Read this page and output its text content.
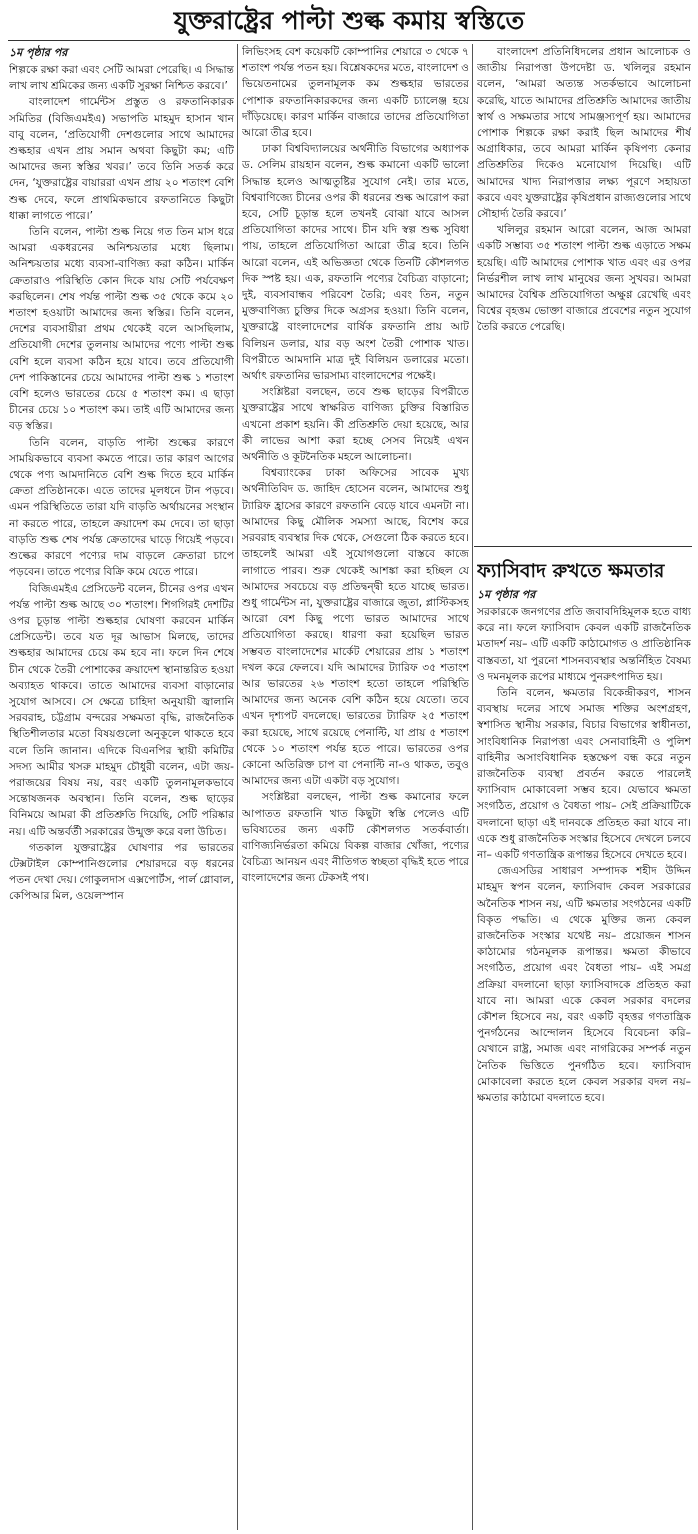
যুক্তরাষ্ট্রের পাল্টা শুল্ক কমায় স্বস্তিতে
১ম পৃষ্ঠার পর

শিল্পকে রক্ষা করা এবং সেটি আমরা পেরেছি। এ সিদ্ধান্ত লাখ লাখ শ্রমিকের জন্য একটি সুরক্ষা নিশ্চিত করবে।’

বাংলাদেশ গার্মেন্টস প্রস্তুত ও রফতানিকারক সমিতির (বিজিএমইএ) সভাপতি মাহমুদ হাসান খান বাবু বলেন, ‘প্রতিযোগী দেশগুলোর সাথে আমাদের শুল্কহার এখন প্রায় সমান অথবা কিছুটা কম; এটি আমাদের জন্য স্বস্তির খবর।’ তবে তিনি সতর্ক করে দেন, ‘যুক্তরাষ্ট্রের বায়াররা এখন প্রায় ২০ শতাংশ বেশি শুল্ক দেবে, ফলে প্রাথমিকভাবে রফতানিতে কিছুটা ধাক্কা লাগতে পারে।’

তিনি বলেন, পাল্টা শুল্ক নিয়ে গত তিন মাস ধরে আমরা একধরনের অনিশ্চয়তার মধ্যে ছিলাম। অনিশ্চয়তার মধ্যে ব্যবসা-বাণিজ্য করা কঠিন। মার্কিন ক্রেতারাও পরিস্থিতি কোন দিকে যায় সেটি পর্যবেক্ষণ করছিলেন। শেষ পর্যন্ত পাল্টা শুল্ক ৩৫ থেকে কমে ২০ শতাংশ হওয়াটা আমাদের জন্য স্বস্তির। তিনি বলেন, দেশের ব্যবসায়ীরা প্রথম থেকেই বলে আসছিলাম, প্রতিযোগী দেশের তুলনায় আমাদের পণ্যে পাল্টা শুল্ক বেশি হলে ব্যবসা কঠিন হয়ে যাবে। তবে প্রতিযোগী দেশ পাকিস্তানের চেয়ে আমাদের পাল্টা শুল্ক ১ শতাংশ বেশি হলেও ভারতের চেয়ে ৫ শতাংশ কম। এ ছাড়া চীনের চেয়ে ১০ শতাংশ কম। তাই এটি আমাদের জন্য বড় স্বস্তির।

তিনি বলেন, বাড়তি পাল্টা শুল্কের কারণে সাময়িকভাবে ব্যবসা কমতে পারে। তার কারণ আগের থেকে পণ্য আমদানিতে বেশি শুল্ক দিতে হবে মার্কিন ক্রেতা প্রতিষ্ঠানকে। এতে তাদের মূলধনে টান পড়বে। এমন পরিস্থিতিতে তারা যদি বাড়তি অর্থায়নের সংস্থান না করতে পারে, তাহলে ক্রয়াদেশ কম দেবে। তা ছাড়া বাড়তি শুল্ক শেষ পর্যন্ত ক্রেতাদের ঘাড়ে গিয়েই পড়বে। শুল্কের কারণে পণ্যের দাম বাড়লে ক্রেতারা চাপে পড়বেন। তাতে পণ্যের বিক্রি কমে যেতে পারে।

বিজিএমইএ প্রেসিডেন্ট বলেন, চীনের ওপর এখন পর্যন্ত পাল্টা শুল্ক আছে ৩০ শতাংশ। শিগগিরই দেশটির ওপর চূড়ান্ত পাল্টা শুল্কহার ঘোষণা করবেন মার্কিন প্রেসিডেন্ট। তবে যত দূর আভাস মিলছে, তাদের শুল্কহার আমাদের চেয়ে কম হবে না। ফলে দিন শেষে চীন থেকে তৈরী পোশাকের ক্রয়াদেশ স্থানান্তরিত হওয়া অব্যাহত থাকবে। তাতে আমাদের ব্যবসা বাড়ানোর সুযোগ আসবে। সে ক্ষেত্রে চাহিদা অনুযায়ী জ্বালানি সরবরাহ, চট্টগ্রাম বন্দরের সক্ষমতা বৃদ্ধি, রাজনৈতিক স্থিতিশীলতার মতো বিষয়গুলো অনুকূলে থাকতে হবে বলে তিনি জানান। এদিকে বিএনপির স্থায়ী কমিটির সদস্য আমীর খসরু মাহমুদ চৌধুরী বলেন, এটা জয়-পরাজয়ের বিষয় নয়, বরং একটি তুলনামূলকভাবে সন্তোষজনক অবস্থান। তিনি বলেন, শুল্ক ছাড়ের বিনিময়ে আমরা কী প্রতিশ্রুতি দিয়েছি, সেটি পরিষ্কার নয়। এটি অন্তর্বর্তী সরকারের উন্মুক্ত করে বলা উচিত।

গতকাল যুক্তরাষ্ট্রের ঘোষণার পর ভারতের টেক্সটাইল কোম্পানিগুলোর শেয়ারদরে বড় ধরনের পতন দেখা দেয়। গোকুলদাস এক্সপোর্টস, পার্ল গ্লোবাল, কেপিআর মিল, ওয়েলস্পান

লিভিংসহ বেশ কয়েকটি কোম্পানির শেয়ারে ৩ থেকে ৭ শতাংশ পর্যন্ত পতন হয়। বিশ্লেষকদের মতে, বাংলাদেশ ও ভিয়েতনামের তুলনামূলক কম শুল্কহার ভারতের পোশাক রফতানিকারকদের জন্য একটি চ্যালেঞ্জ হয়ে দাঁড়িয়েছে। কারণ মার্কিন বাজারে তাদের প্রতিযোগিতা আরো তীব্র হবে।

ঢাকা বিশ্ববিদ্যালয়ের অর্থনীতি বিভাগের অধ্যাপক ড. সেলিম রায়হান বলেন, শুল্ক কমানো একটি ভালো সিদ্ধান্ত হলেও আত্মতুষ্টির সুযোগ নেই। তার মতে, বিশ্ববাণিজ্যে চীনের ওপর কী ধরনের শুল্ক আরোপ করা হবে, সেটি চূড়ান্ত হলে তখনই বোঝা যাবে আসল প্রতিযোগিতা কাদের সাথে। চীন যদি স্বল্প শুল্ক সুবিধা পায়, তাহলে প্রতিযোগিতা আরো তীব্র হবে। তিনি আরো বলেন, এই অভিজ্ঞতা থেকে তিনটি কৌশলগত দিক স্পষ্ট হয়। এক, রফতানি পণ্যের বৈচিত্র্য বাড়ানো; দুই, ব্যবসাবান্ধব পরিবেশ তৈরি; এবং তিন, নতুন মুক্তবাণিজ্য চুক্তির দিকে অগ্রসর হওয়া। তিনি বলেন, যুক্তরাষ্ট্রে বাংলাদেশের বার্ষিক রফতানি প্রায় আট বিলিয়ন ডলার, যার বড় অংশ তৈরী পোশাক খাত। বিপরীতে আমদানি মাত্র দুই বিলিয়ন ডলারের মতো। অর্থাৎ রফতানির ভারসাম্য বাংলাদেশের পক্ষেই।

সংশ্লিষ্টরা বলছেন, তবে শুল্ক ছাড়ের বিপরীতে যুক্তরাষ্ট্রের সাথে স্বাক্ষরিত বাণিজ্য চুক্তির বিস্তারিত এখনো প্রকাশ হয়নি। কী প্রতিশ্রুতি দেয়া হয়েছে, আর কী লাভের আশা করা হচ্ছে সেসব নিয়েই এখন অর্থনীতি ও কূটনৈতিক মহলে আলোচনা।

বিশ্বব্যাংকের ঢাকা অফিসের সাবেক মুখ্য অর্থনীতিবিদ ড. জাহিদ হোসেন বলেন, আমাদের শুধু ট্যারিফ হ্রাসের কারণে রফতানি বেড়ে যাবে এমনটা না। আমাদের কিছু মৌলিক সমস্যা আছে, বিশেষ করে সরবরাহ ব্যবস্থার দিক থেকে, সেগুলো ঠিক করতে হবে। তাহলেই আমরা এই সুযোগগুলো বাস্তবে কাজে লাগাতে পারব। শুরু থেকেই আশঙ্কা করা হচ্ছিল যে আমাদের সবচেয়ে বড় প্রতিদ্বন্দ্বী হতে যাচ্ছে ভারত। শুধু গার্মেন্টস না, যুক্তরাষ্ট্রের বাজারে জুতা, প্লাস্টিকসহ আরো বেশ কিছু পণ্যে ভারত আমাদের সাথে প্রতিযোগিতা করছে। ধারণা করা হয়েছিল ভারত সম্ভবত বাংলাদেশের মার্কেট শেয়ারের প্রায় ১ শতাংশ দখল করে ফেলবে। যদি আমাদের ট্যারিফ ৩৫ শতাংশ আর ভারতের ২৬ শতাংশ হতো তাহলে পরিস্থিতি আমাদের জন্য অনেক বেশি কঠিন হয়ে যেতো। তবে এখন দৃশ্যপট বদলেছে। ভারতের ট্যারিফ ২৫ শতাংশ করা হয়েছে, সাথে রয়েছে পেনাল্টি, যা প্রায় ৫ শতাংশ থেকে ১০ শতাংশ পর্যন্ত হতে পারে। ভারতের ওপর কোনো অতিরিক্ত চাপ বা পেনাল্টি না-ও থাকত, তবুও আমাদের জন্য এটা একটা বড় সুযোগ।

সংশ্লিষ্টরা বলছেন, পাল্টা শুল্ক কমানোর ফলে আপাতত রফতানি খাত কিছুটা স্বস্তি পেলেও এটি ভবিষ্যতের জন্য একটি কৌশলগত সতর্কবার্তা। বাণিজ্যনির্ভরতা কমিয়ে বিকল্প বাজার খোঁজা, পণ্যের বৈচিত্র্য আনয়ন এবং নীতিগত স্বচ্ছতা বৃদ্ধিই হতে পারে বাংলাদেশের জন্য টেকসই পথ।

বাংলাদেশ প্রতিনিধিদলের প্রধান আলোচক ও জাতীয় নিরাপত্তা উপদেষ্টা ড. খলিলুর রহমান বলেন, ‘আমরা অত্যন্ত সতর্কভাবে আলোচনা করেছি, যাতে আমাদের প্রতিশ্রুতি আমাদের জাতীয় স্বার্থ ও সক্ষমতার সাথে সামঞ্জস্যপূর্ণ হয়। আমাদের পোশাক শিল্পকে রক্ষা করাই ছিল আমাদের শীর্ষ অগ্রাধিকার, তবে আমরা মার্কিন কৃষিপণ্য কেনার প্রতিশ্রুতির দিকেও মনোযোগ দিয়েছি। এটি আমাদের খাদ্য নিরাপত্তার লক্ষ্য পূরণে সহায়তা করবে এবং যুক্তরাষ্ট্রের কৃষিপ্রধান রাজ্যগুলোর সাথে সৌহার্দ্য তৈরি করবে।’

খলিলুর রহমান আরো বলেন, আজ আমরা একটি সম্ভাব্য ৩৫ শতাংশ পাল্টা শুল্ক এড়াতে সক্ষম হয়েছি। এটি আমাদের পোশাক খাত এবং এর ওপর নির্ভরশীল লাখ লাখ মানুষের জন্য সুখবর। আমরা আমাদের বৈশ্বিক প্রতিযোগিতা অক্ষুণ্ণ রেখেছি এবং বিশ্বের বৃহত্তম ভোক্তা বাজারে প্রবেশের নতুন সুযোগ তৈরি করতে পেরেছি।

ফ্যাসিবাদ রুখতে ক্ষমতার
১ম পৃষ্ঠার পর

সরকারকে জনগণের প্রতি জবাবদিহিমূলক হতে বাধ্য করে না। ফলে ফ্যাসিবাদ কেবল একটি রাজনৈতিক মতাদর্শ নয়– এটি একটি কাঠামোগত ও প্রাতিষ্ঠানিক বাস্তবতা, যা পুরনো শাসনব্যবস্থার অন্তর্নিহিত বৈষম্য ও দমনমূলক রূপের মাধ্যমে পুনরুৎপাদিত হয়।

তিনি বলেন, ক্ষমতার বিকেন্দ্রীকরণ, শাসন ব্যবস্থায় দলের সাথে সমাজ শক্তির অংশগ্রহণ, স্বশাসিত স্থানীয় সরকার, বিচার বিভাগের স্বাধীনতা, সাংবিধানিক নিরাপত্তা এবং সেনাবাহিনী ও পুলিশ বাহিনীর অসাংবিধানিক হস্তক্ষেপ বন্ধ করে নতুন রাজনৈতিক ব্যবস্থা প্রবর্তন করতে পারলেই ফ্যাসিবাদ মোকাবেলা সম্ভব হবে। যেভাবে ক্ষমতা সংগঠিত, প্রয়োগ ও বৈধতা পায়– সেই প্রক্রিয়াটিকে বদলানো ছাড়া এই দানবকে প্রতিহত করা যাবে না। একে শুধু রাজনৈতিক সংস্কার হিসেবে দেখলে চলবে না– একটি গণতান্ত্রিক রূপান্তর হিসেবে দেখতে হবে।

জেএসডির সাধারণ সম্পাদক শহীদ উদ্দিন মাহমুদ স্বপন বলেন, ফ্যাসিবাদ কেবল সরকারের অনৈতিক শাসন নয়, এটি ক্ষমতার সংগঠনের একটি বিকৃত পদ্ধতি। এ থেকে মুক্তির জন্য কেবল রাজনৈতিক সংস্কার যথেষ্ট নয়– প্রয়োজন শাসন কাঠামোর গঠনমূলক রূপান্তর। ক্ষমতা কীভাবে সংগঠিত, প্রয়োগ এবং বৈধতা পায়– এই সমগ্র প্রক্রিয়া বদলানো ছাড়া ফ্যাসিবাদকে প্রতিহত করা যাবে না। আমরা একে কেবল সরকার বদলের কৌশল হিসেবে নয়, বরং একটি বৃহত্তর গণতান্ত্রিক পুনর্গঠনের আন্দোলন হিসেবে বিবেচনা করি– যেখানে রাষ্ট্র, সমাজ এবং নাগরিকের সম্পর্ক নতুন নৈতিক ভিত্তিতে পুনর্গঠিত হবে। ফ্যাসিবাদ মোকাবেলা করতে হলে কেবল সরকার বদল নয়– ক্ষমতার কাঠামো বদলাতে হবে।
